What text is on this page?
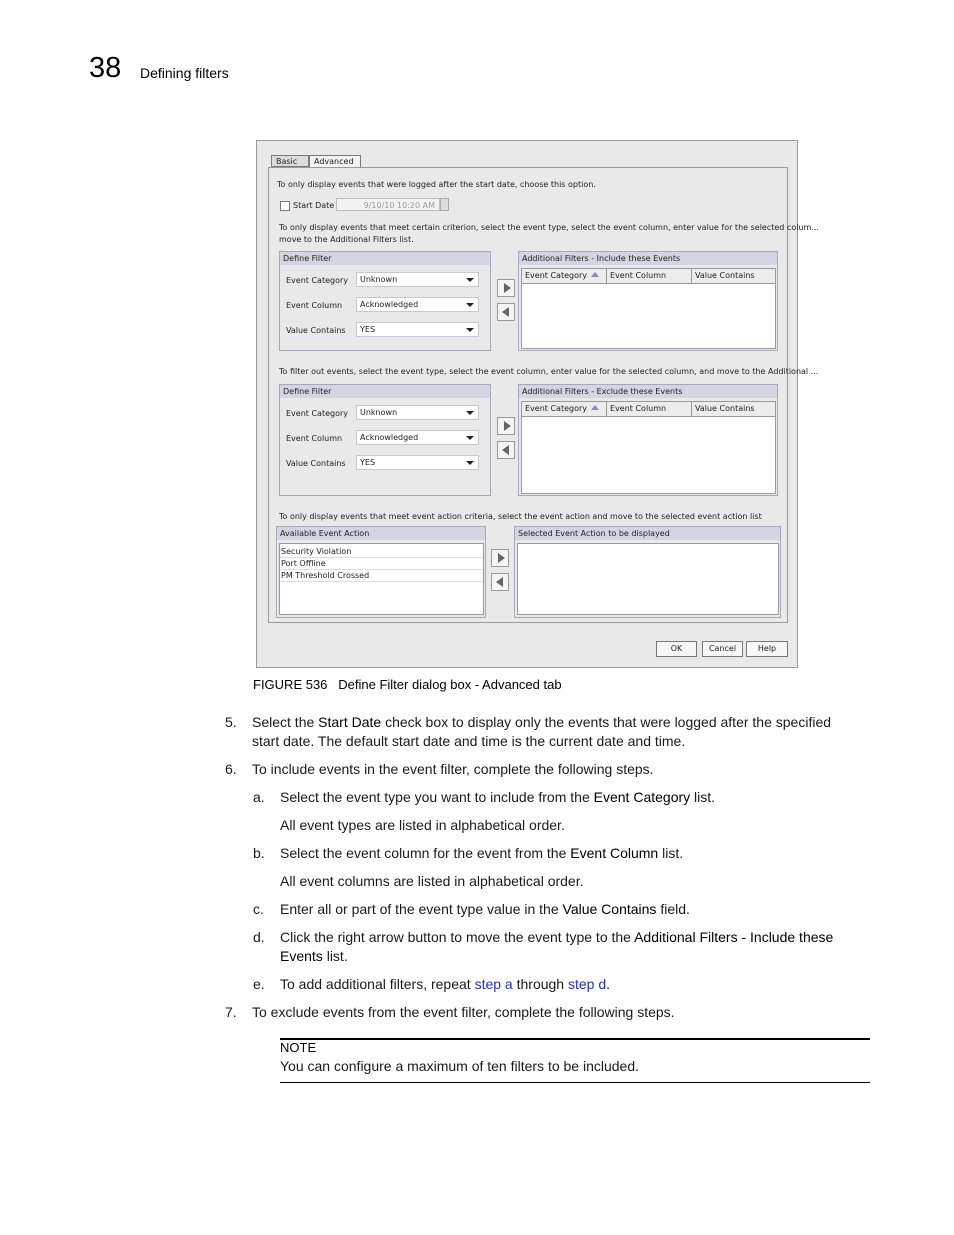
38 Defining filters
Basic	Advanced
To only display events that were logged after the start date, choose this option.
Start Date	9/10/10 10:20 AM
To only display events that meet certain criterion, select the event type, select the event column, enter value for the selected colum...
move to the Additional Filters list.
Define Filter
Event Category	Unknown
Event Column	Acknowledged
Value Contains	YES
Additional Filters - Include these Events
Event Category	Event Column	Value Contains
To filter out events, select the event type, select the event column, enter value for the selected column, and move to the Additional ...
Define Filter
Event Category	Unknown
Event Column	Acknowledged
Value Contains	YES
Additional Filters - Exclude these Events
Event Category	Event Column	Value Contains
To only display events that meet event action criteria, select the event action and move to the selected event action list
Available Event Action
Security Violation
Port Offline
PM Threshold Crossed
Selected Event Action to be displayed
OK	Cancel	Help
FIGURE 536 Define Filter dialog box - Advanced tab
5. Select the Start Date check box to display only the events that were logged after the specified
start date. The default start date and time is the current date and time.
6. To include events in the event filter, complete the following steps.
a. Select the event type you want to include from the Event Category list.
All event types are listed in alphabetical order.
b. Select the event column for the event from the Event Column list.
All event columns are listed in alphabetical order.
c. Enter all or part of the event type value in the Value Contains field.
d. Click the right arrow button to move the event type to the Additional Filters - Include these
Events list.
e. To add additional filters, repeat step a through step d.
7. To exclude events from the event filter, complete the following steps.
NOTE
You can configure a maximum of ten filters to be included.
